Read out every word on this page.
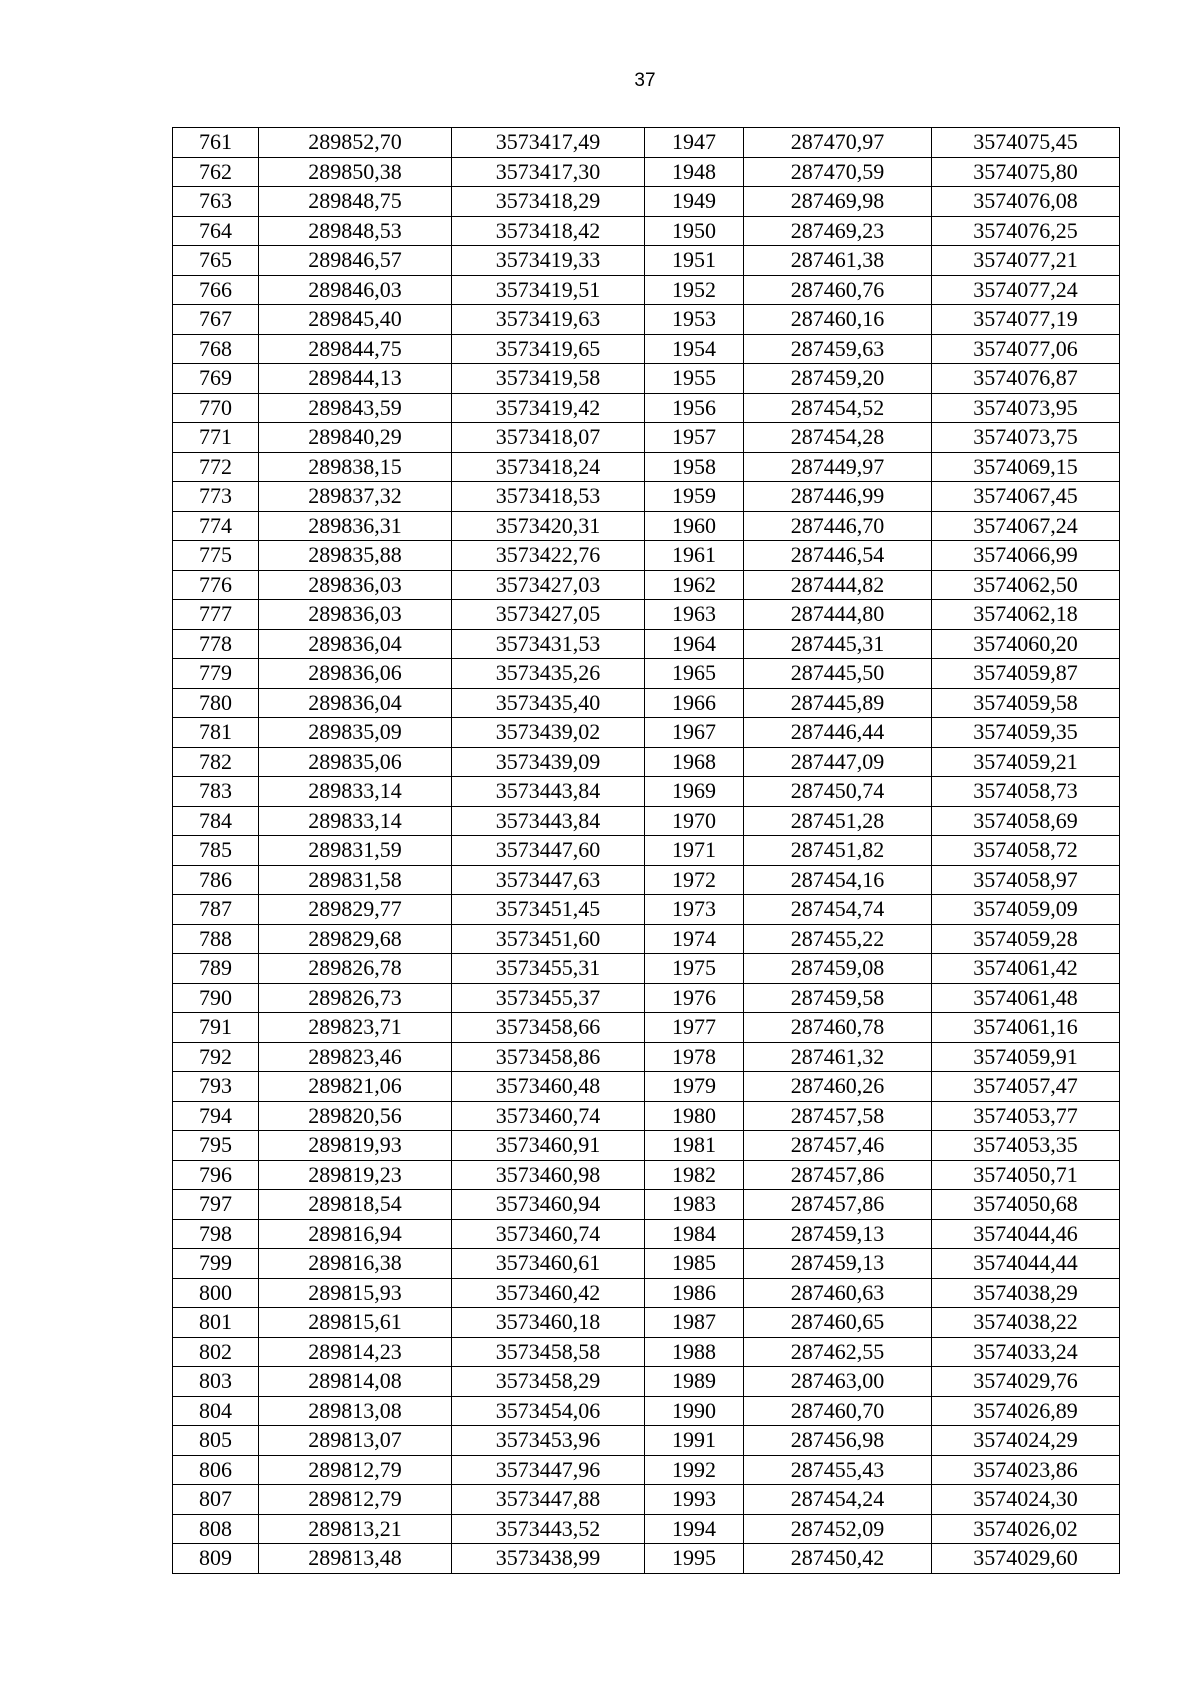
37
761	289852,70	3573417,49	1947	287470,97	3574075,45
762	289850,38	3573417,30	1948	287470,59	3574075,80
763	289848,75	3573418,29	1949	287469,98	3574076,08
764	289848,53	3573418,42	1950	287469,23	3574076,25
765	289846,57	3573419,33	1951	287461,38	3574077,21
766	289846,03	3573419,51	1952	287460,76	3574077,24
767	289845,40	3573419,63	1953	287460,16	3574077,19
768	289844,75	3573419,65	1954	287459,63	3574077,06
769	289844,13	3573419,58	1955	287459,20	3574076,87
770	289843,59	3573419,42	1956	287454,52	3574073,95
771	289840,29	3573418,07	1957	287454,28	3574073,75
772	289838,15	3573418,24	1958	287449,97	3574069,15
773	289837,32	3573418,53	1959	287446,99	3574067,45
774	289836,31	3573420,31	1960	287446,70	3574067,24
775	289835,88	3573422,76	1961	287446,54	3574066,99
776	289836,03	3573427,03	1962	287444,82	3574062,50
777	289836,03	3573427,05	1963	287444,80	3574062,18
778	289836,04	3573431,53	1964	287445,31	3574060,20
779	289836,06	3573435,26	1965	287445,50	3574059,87
780	289836,04	3573435,40	1966	287445,89	3574059,58
781	289835,09	3573439,02	1967	287446,44	3574059,35
782	289835,06	3573439,09	1968	287447,09	3574059,21
783	289833,14	3573443,84	1969	287450,74	3574058,73
784	289833,14	3573443,84	1970	287451,28	3574058,69
785	289831,59	3573447,60	1971	287451,82	3574058,72
786	289831,58	3573447,63	1972	287454,16	3574058,97
787	289829,77	3573451,45	1973	287454,74	3574059,09
788	289829,68	3573451,60	1974	287455,22	3574059,28
789	289826,78	3573455,31	1975	287459,08	3574061,42
790	289826,73	3573455,37	1976	287459,58	3574061,48
791	289823,71	3573458,66	1977	287460,78	3574061,16
792	289823,46	3573458,86	1978	287461,32	3574059,91
793	289821,06	3573460,48	1979	287460,26	3574057,47
794	289820,56	3573460,74	1980	287457,58	3574053,77
795	289819,93	3573460,91	1981	287457,46	3574053,35
796	289819,23	3573460,98	1982	287457,86	3574050,71
797	289818,54	3573460,94	1983	287457,86	3574050,68
798	289816,94	3573460,74	1984	287459,13	3574044,46
799	289816,38	3573460,61	1985	287459,13	3574044,44
800	289815,93	3573460,42	1986	287460,63	3574038,29
801	289815,61	3573460,18	1987	287460,65	3574038,22
802	289814,23	3573458,58	1988	287462,55	3574033,24
803	289814,08	3573458,29	1989	287463,00	3574029,76
804	289813,08	3573454,06	1990	287460,70	3574026,89
805	289813,07	3573453,96	1991	287456,98	3574024,29
806	289812,79	3573447,96	1992	287455,43	3574023,86
807	289812,79	3573447,88	1993	287454,24	3574024,30
808	289813,21	3573443,52	1994	287452,09	3574026,02
809	289813,48	3573438,99	1995	287450,42	3574029,60
